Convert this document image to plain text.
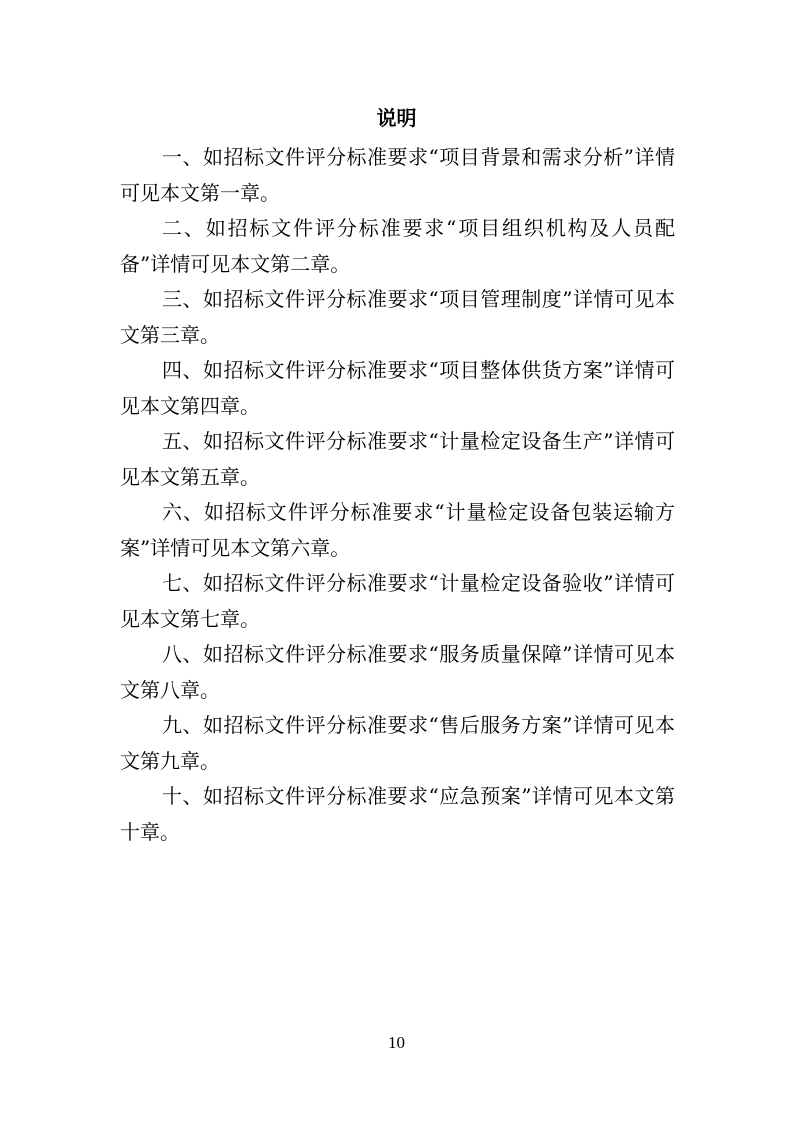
说明

一、如招标文件评分标准要求“项目背景和需求分析”详情可见本文第一章。

二、如招标文件评分标准要求“项目组织机构及人员配备”详情可见本文第二章。

三、如招标文件评分标准要求“项目管理制度”详情可见本文第三章。

四、如招标文件评分标准要求“项目整体供货方案”详情可见本文第四章。

五、如招标文件评分标准要求“计量检定设备生产”详情可见本文第五章。

六、如招标文件评分标准要求“计量检定设备包装运输方案”详情可见本文第六章。

七、如招标文件评分标准要求“计量检定设备验收”详情可见本文第七章。

八、如招标文件评分标准要求“服务质量保障”详情可见本文第八章。

九、如招标文件评分标准要求“售后服务方案”详情可见本文第九章。

十、如招标文件评分标准要求“应急预案”详情可见本文第十章。

10
